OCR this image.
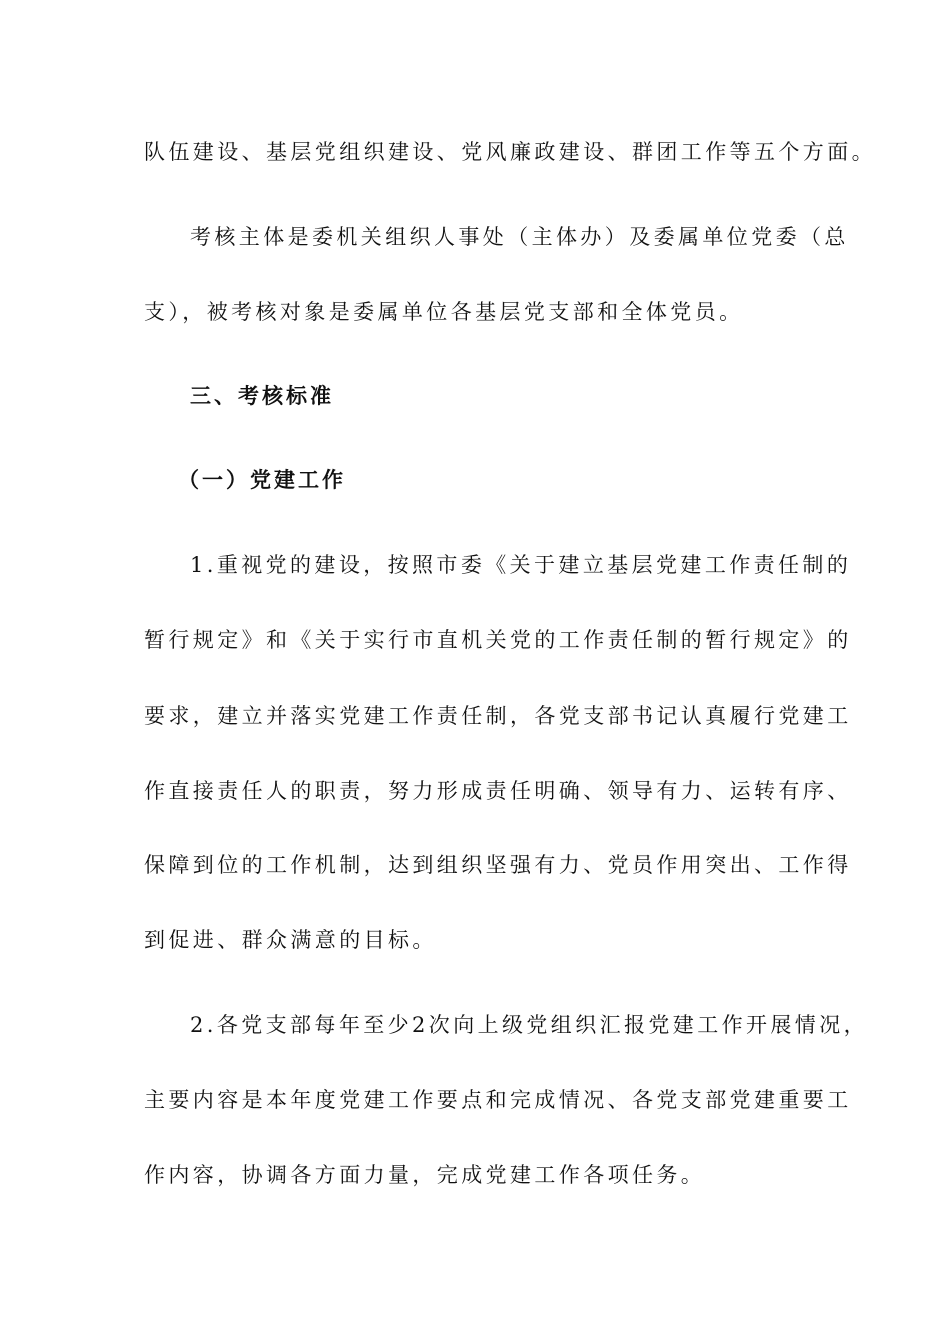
队伍建设、基层党组织建设、党风廉政建设、群团工作等五个方面。
考核主体是委机关组织人事处（主体办）及委属单位党委（总
支），被考核对象是委属单位各基层党支部和全体党员。
三、考核标准
（一）党建工作
1.重视党的建设，按照市委《关于建立基层党建工作责任制的
暂行规定》和《关于实行市直机关党的工作责任制的暂行规定》的
要求，建立并落实党建工作责任制，各党支部书记认真履行党建工
作直接责任人的职责，努力形成责任明确、领导有力、运转有序、
保障到位的工作机制，达到组织坚强有力、党员作用突出、工作得
到促进、群众满意的目标。
2.各党支部每年至少2次向上级党组织汇报党建工作开展情况，
主要内容是本年度党建工作要点和完成情况、各党支部党建重要工
作内容，协调各方面力量，完成党建工作各项任务。
